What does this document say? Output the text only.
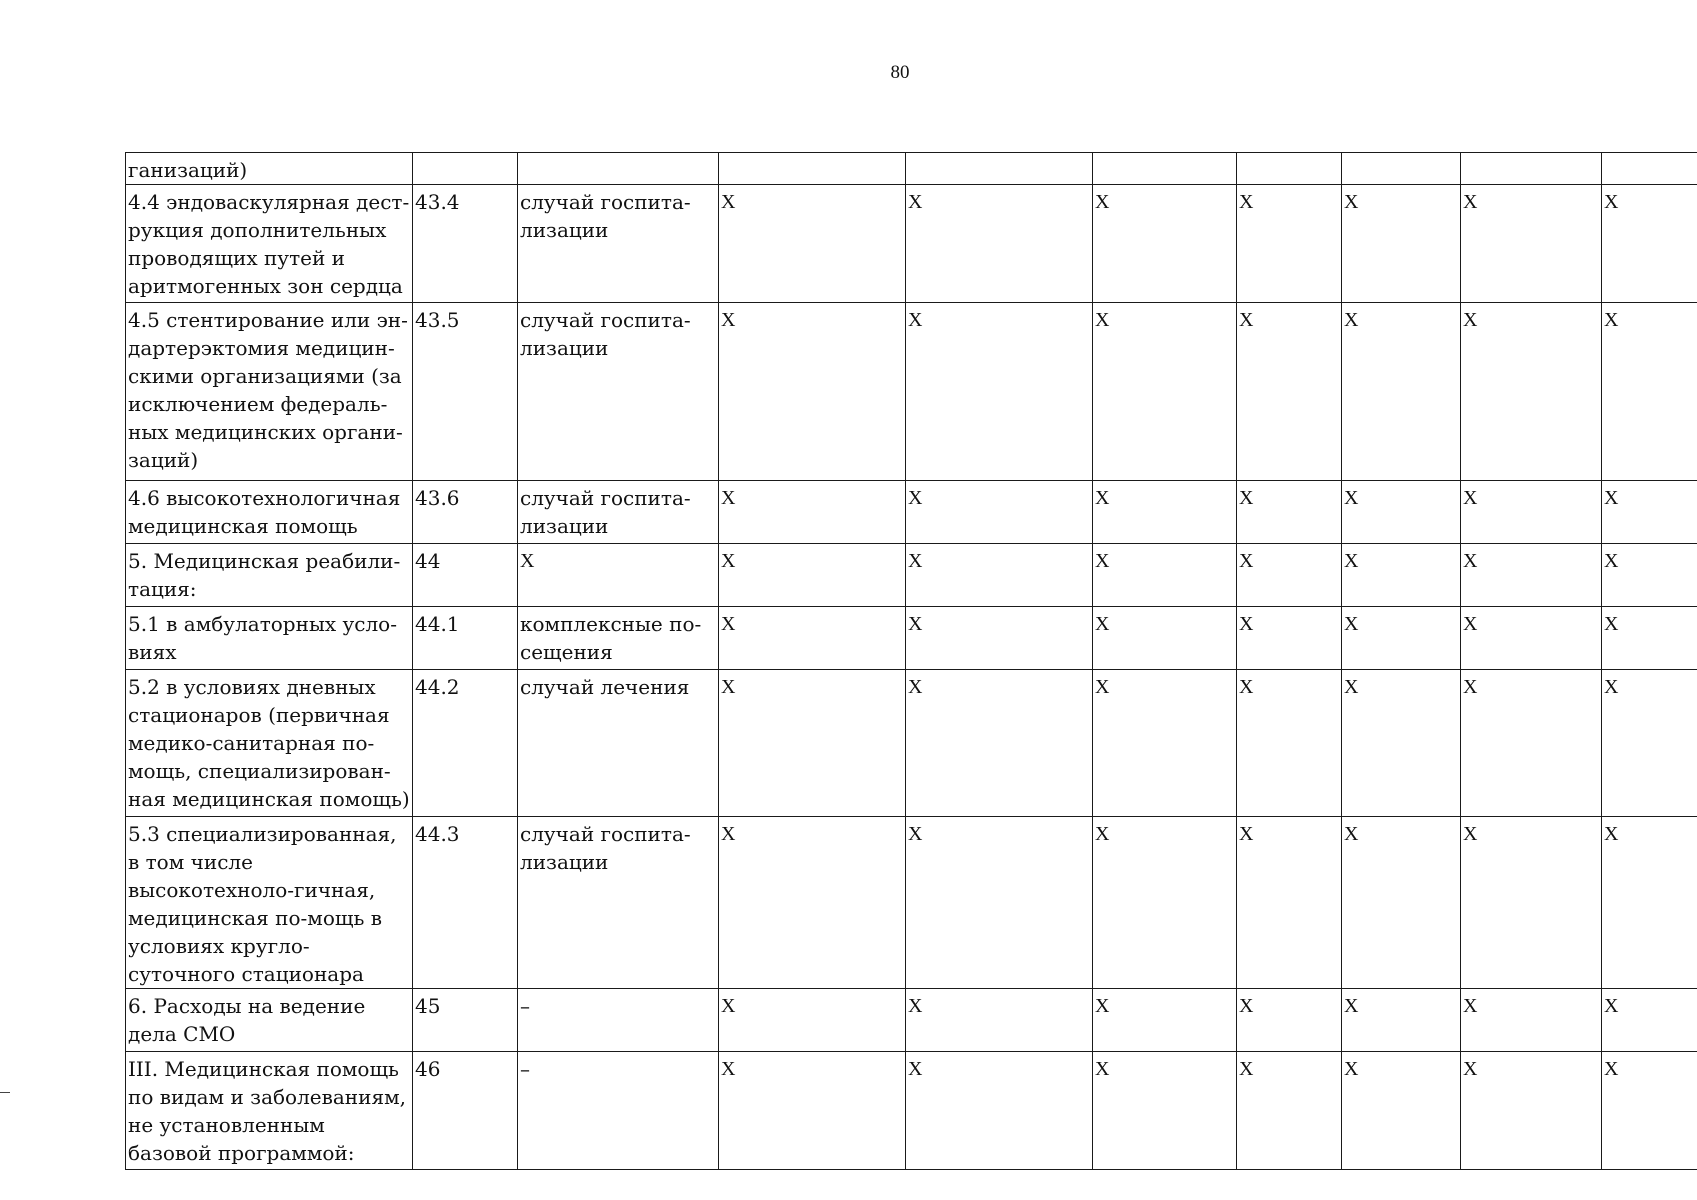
80
ганизаций)									
4.4 эндоваскулярная дест-рукция дополнительных проводящих путей и аритмогенных зон сердца	43.4	случай госпита-лизации	X	X	X	X	X	X	X
4.5 стентирование или эн-дартерэктомия медицин-скими организациями (за исключением федераль-ных медицинских органи-заций)	43.5	случай госпита-лизации	X	X	X	X	X	X	X
4.6 высокотехнологичная медицинская помощь	43.6	случай госпита-лизации	X	X	X	X	X	X	X
5. Медицинская реабили-тация:	44	X	X	X	X	X	X	X	X
5.1 в амбулаторных усло-виях	44.1	комплексные по-сещения	X	X	X	X	X	X	X
5.2 в условиях дневных стационаров (первичная медико-санитарная по-мощь, специализирован-ная медицинская помощь)	44.2	случай лечения	X	X	X	X	X	X	X
5.3 специализированная, в том числе высокотехноло-гичная, медицинская по-мощь в условиях кругло-суточного стационара	44.3	случай госпита-лизации	X	X	X	X	X	X	X
6. Расходы на ведение дела СМО	45	–	X	X	X	X	X	X	X
III. Медицинская помощь по видам и заболеваниям, не установленным базовой программой:	46	–	X	X	X	X	X	X	X
